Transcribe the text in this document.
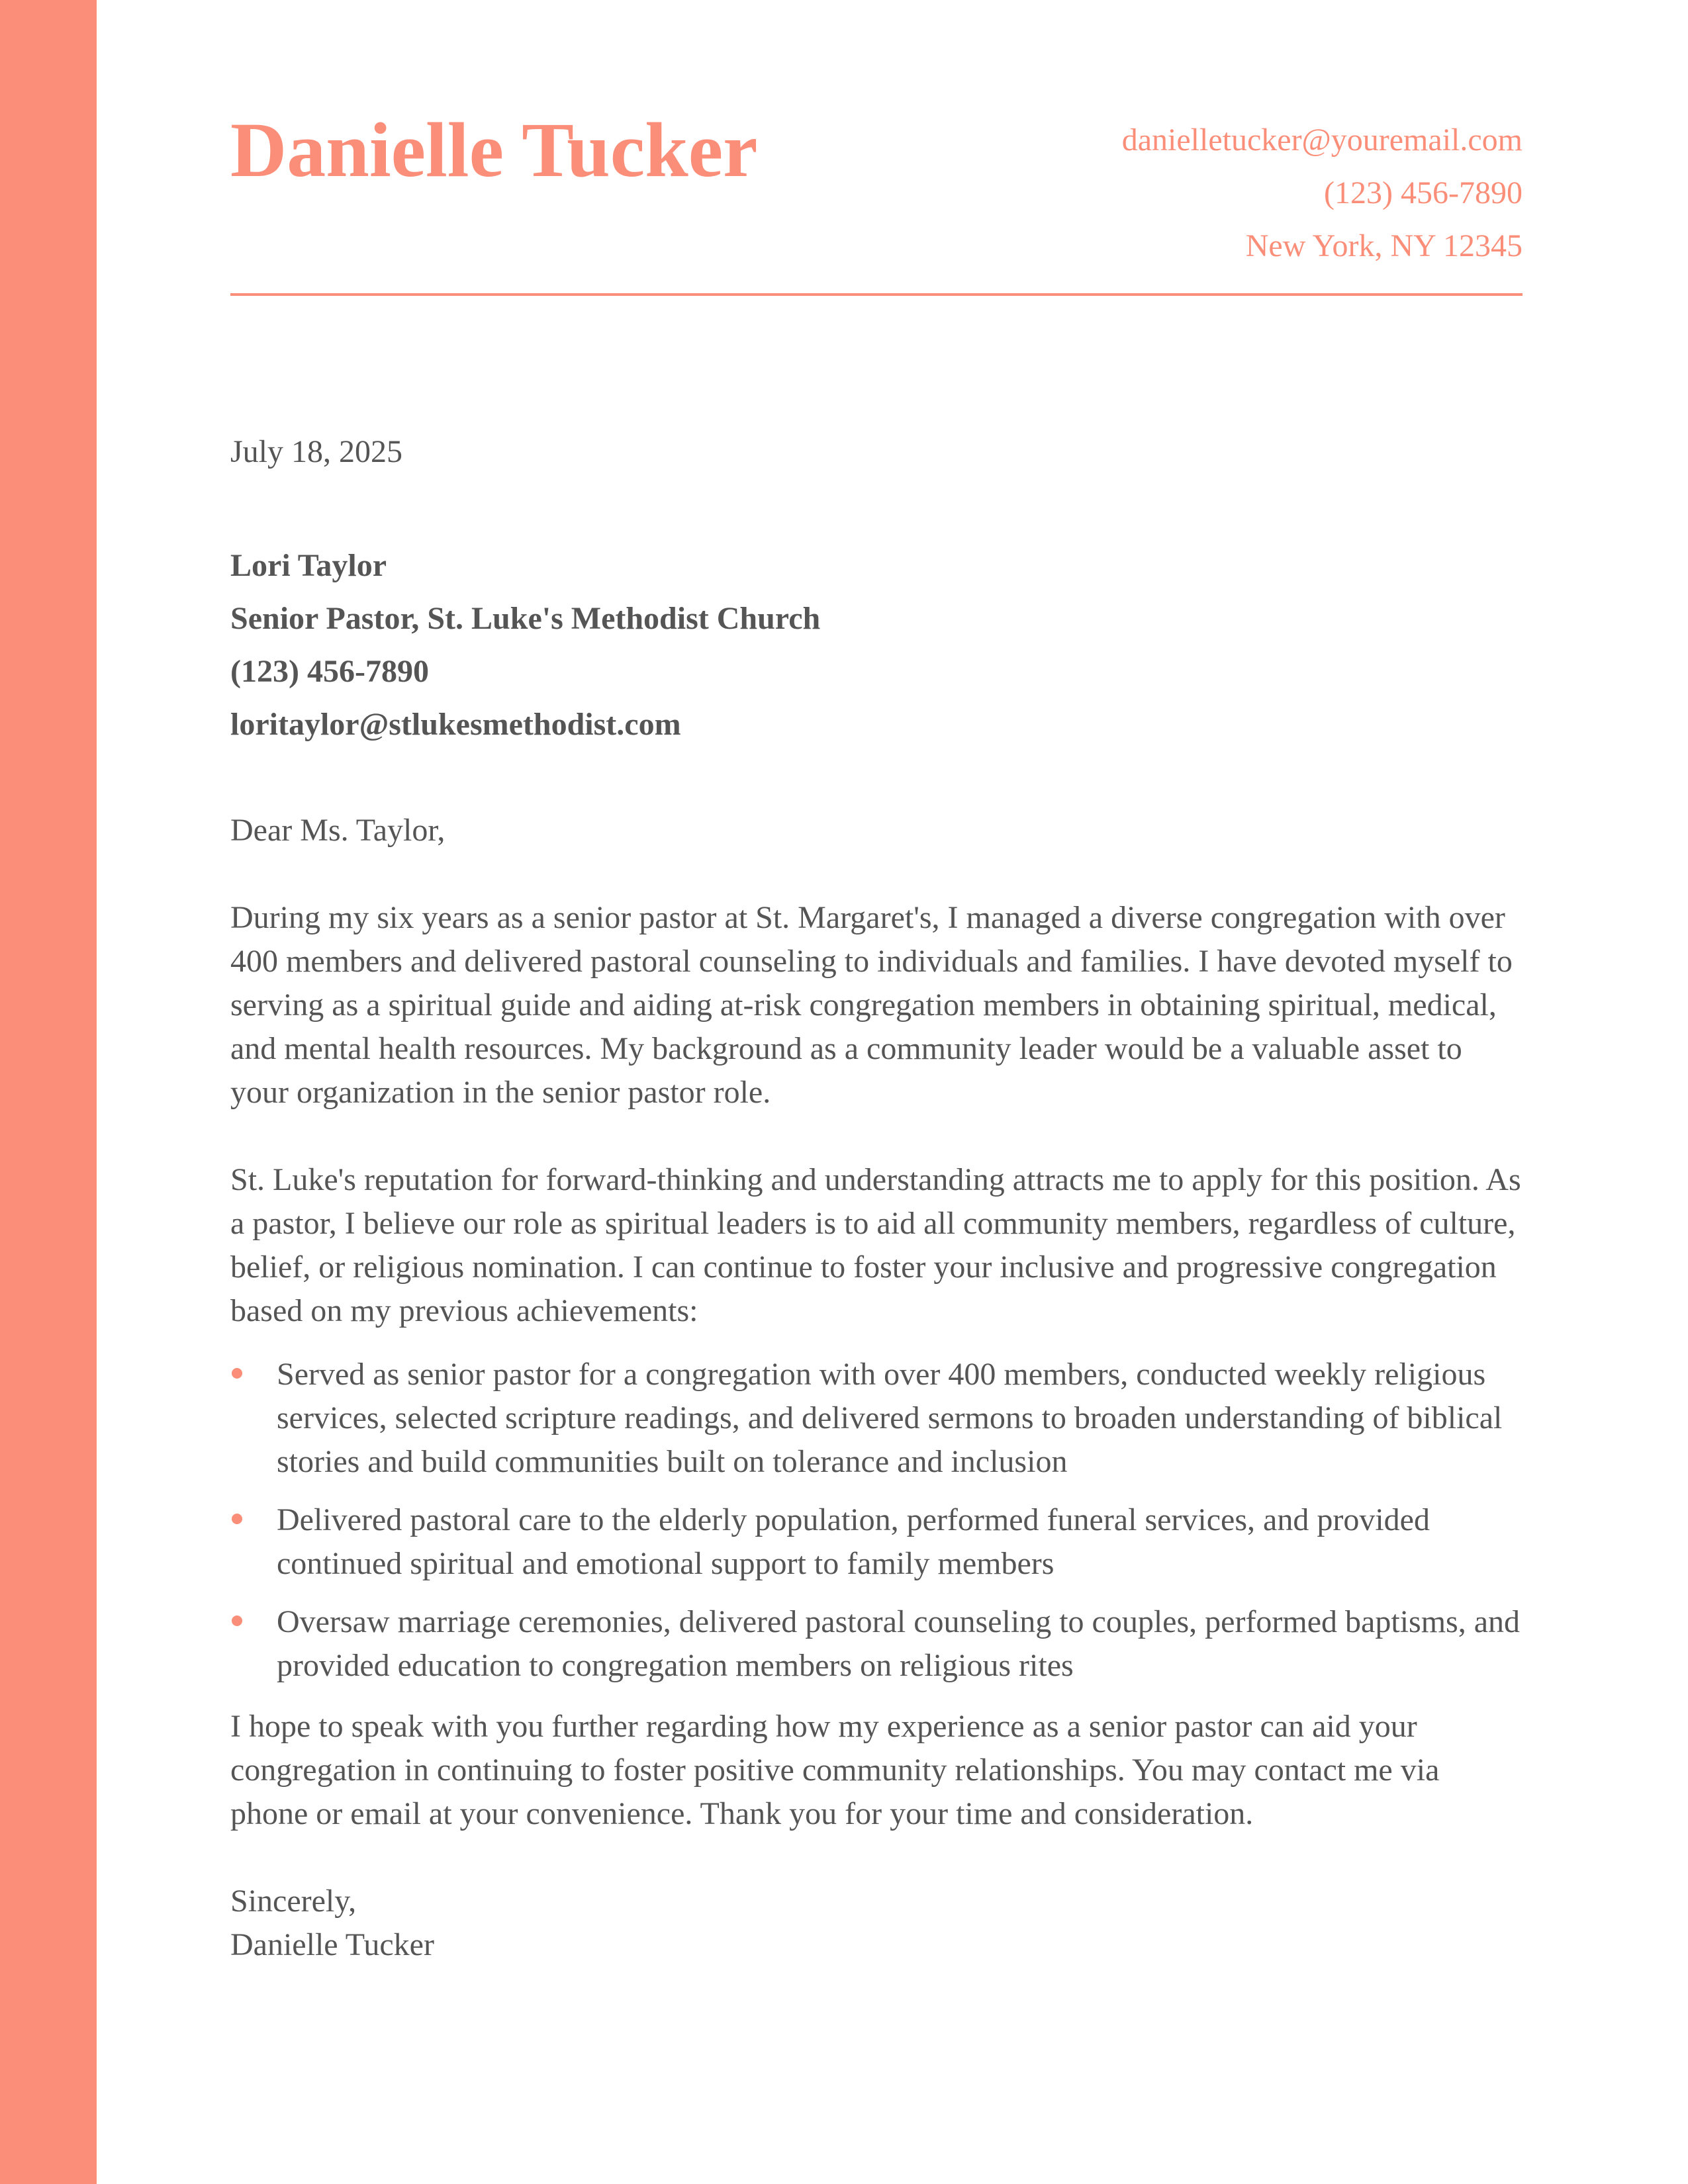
Danielle Tucker	danielletucker@youremail.com
(123) 456-7890
New York, NY 12345
July 18, 2025
Lori Taylor
Senior Pastor, St. Luke's Methodist Church
(123) 456-7890
loritaylor@stlukesmethodist.com

Dear Ms. Taylor,

During my six years as a senior pastor at St. Margaret's, I managed a diverse congregation with over 400 members and delivered pastoral counseling to individuals and families. I have devoted myself to serving as a spiritual guide and aiding at-risk congregation members in obtaining spiritual, medical, and mental health resources. My background as a community leader would be a valuable asset to your organization in the senior pastor role.

St. Luke's reputation for forward-thinking and understanding attracts me to apply for this position. As a pastor, I believe our role as spiritual leaders is to aid all community members, regardless of culture, belief, or religious nomination. I can continue to foster your inclusive and progressive congregation based on my previous achievements:

Served as senior pastor for a congregation with over 400 members, conducted weekly religious services, selected scripture readings, and delivered sermons to broaden understanding of biblical stories and build communities built on tolerance and inclusion
Delivered pastoral care to the elderly population, performed funeral services, and provided continued spiritual and emotional support to family members
Oversaw marriage ceremonies, delivered pastoral counseling to couples, performed baptisms, and provided education to congregation members on religious rites

I hope to speak with you further regarding how my experience as a senior pastor can aid your congregation in continuing to foster positive community relationships. You may contact me via phone or email at your convenience. Thank you for your time and consideration.

Sincerely,
Danielle Tucker
